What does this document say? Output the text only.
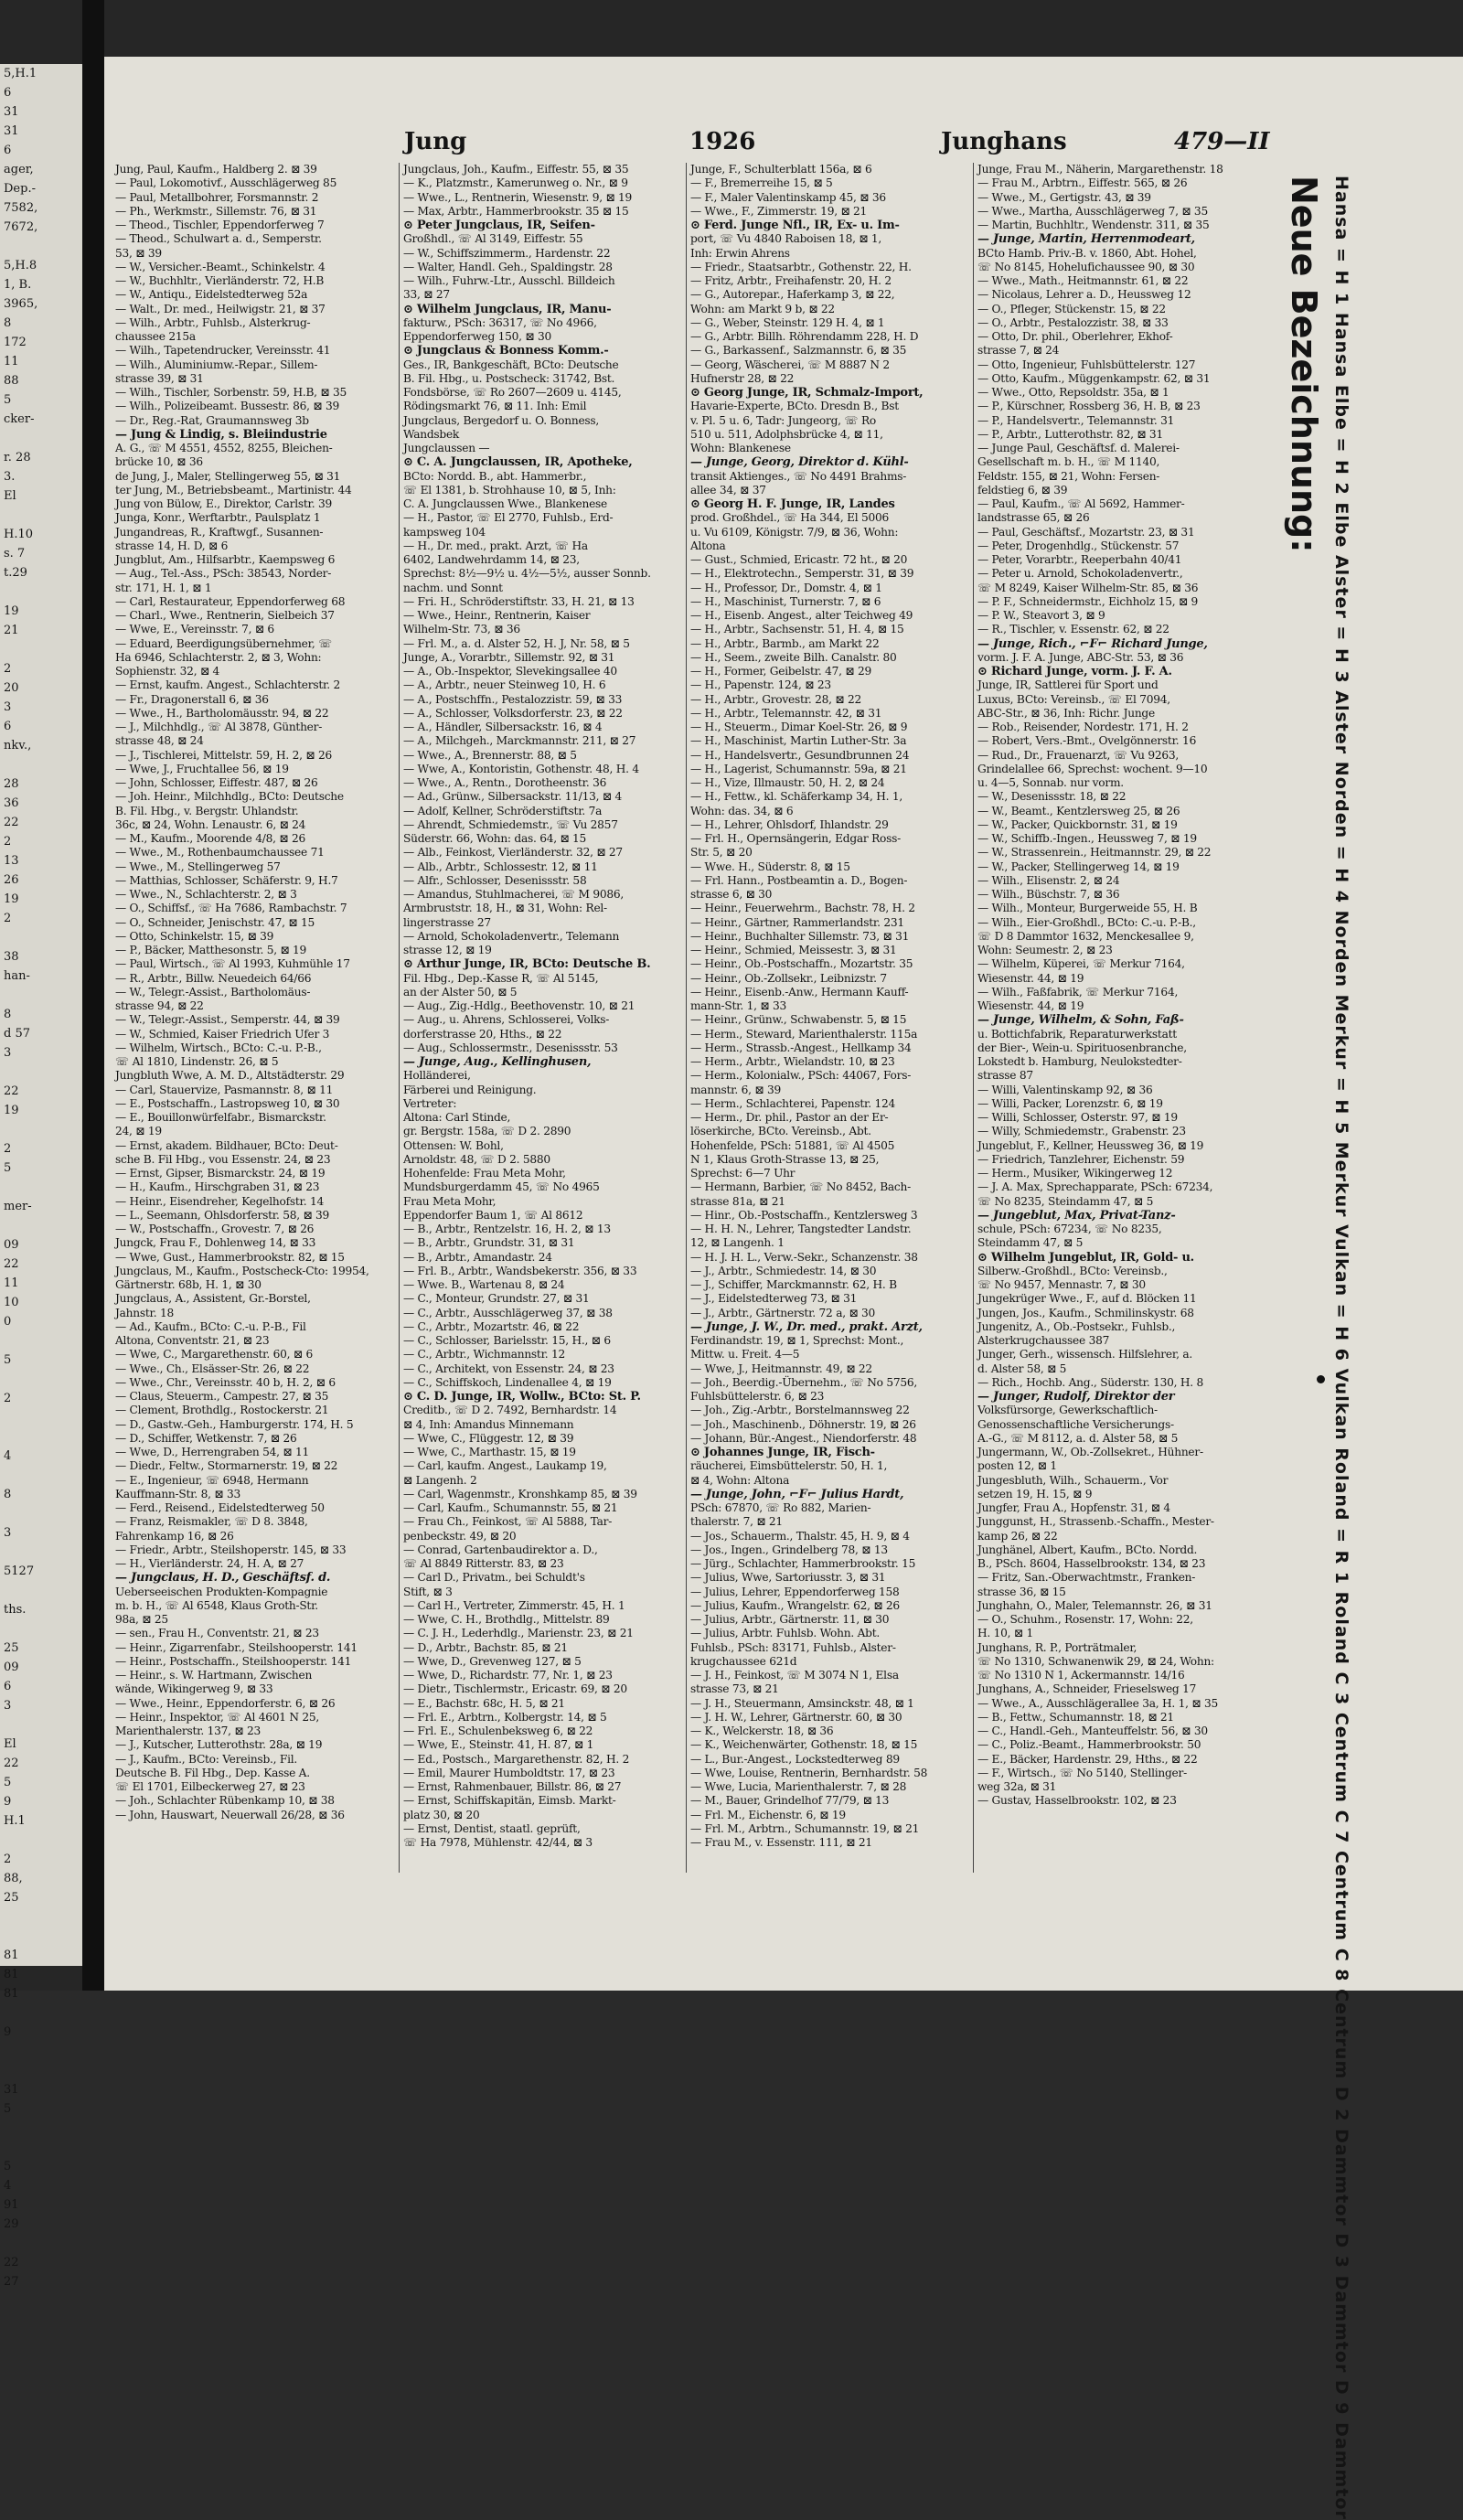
5,H.1
6
31
31
6
ager,
Dep.-
7582,
7672,

5,H.8
1, B.
3965,
8
172
11
88
5
cker-

r. 28
3.
El

H.10
s. 7
t.29

19
21

2
20
3
6
nkv.,

28
36
22
2
13
26
19
2

38
han-

8
d 57
3

22
19

2
5

mer-

09
22
11
10
0

5

2

4

8

3

5127

ths.

25
09
6
3

El
22
5
9
H.1

2
88,
25

81
81
81

9

31
5

5
4
91
29

22
27
Jung	1926	Junghans	479—II
Jung, Paul, Kaufm., Haldberg 2. ⊠ 39
— Paul, Lokomotivf., Ausschlägerweg 85
— Paul, Metallbohrer, Forsmannstr. 2
— Ph., Werkmstr., Sillemstr. 76, ⊠ 31
— Theod., Tischler, Eppendorferweg 7
— Theod., Schulwart a. d., Semperstr.
53, ⊠ 39
— W., Versicher.-Beamt., Schinkelstr. 4
— W., Buchhltr., Vierländerstr. 72, H.B
— W., Antiqu., Eidelstedterweg 52a
— Walt., Dr. med., Heilwigstr. 21, ⊠ 37
— Wilh., Arbtr., Fuhlsb., Alsterkrug-
chaussee 215a
— Wilh., Tapetendrucker, Vereinsstr. 41
— Wilh., Aluminiumw.-Repar., Sillem-
strasse 39, ⊠ 31
— Wilh., Tischler, Sorbenstr. 59, H.B, ⊠ 35
— Wilh., Polizeibeamt. Bussestr. 86, ⊠ 39
— Dr., Reg.-Rat, Graumannsweg 3b
— Jung & Lindig, s. Bleiindustrie
A. G., ☏ M 4551, 4552, 8255, Bleichen-
brücke 10, ⊠ 36
de Jung, J., Maler, Stellingerweg 55, ⊠ 31
ter Jung, M., Betriebsbeamt., Martinistr. 44
Jung von Bülow, E., Direktor, Carlstr. 39
Junga, Konr., Werftarbtr., Paulsplatz 1
Jungandreas, R., Kraftwgf., Susannen-
strasse 14, H. D, ⊠ 6
Jungblut, Am., Hilfsarbtr., Kaempsweg 6
— Aug., Tel.-Ass., PSch: 38543, Norder-
str. 171, H. 1, ⊠ 1
— Carl, Restaurateur, Eppendorferweg 68
— Charl., Wwe., Rentnerin, Sielbeich 37
— Wwe, E., Vereinsstr. 7, ⊠ 6
— Eduard, Beerdigungsübernehmer, ☏
Ha 6946, Schlachterstr. 2, ⊠ 3, Wohn:
Sophienstr. 32, ⊠ 4
— Ernst, kaufm. Angest., Schlachterstr. 2
— Fr., Dragonerstall 6, ⊠ 36
— Wwe., H., Bartholomäusstr. 94, ⊠ 22
— J., Milchhdlg., ☏ Al 3878, Günther-
strasse 48, ⊠ 24
— J., Tischlerei, Mittelstr. 59, H. 2, ⊠ 26
— Wwe, J., Fruchtallee 56, ⊠ 19
— John, Schlosser, Eiffestr. 487, ⊠ 26
— Joh. Heinr., Milchhdlg., BCto: Deutsche
B. Fil. Hbg., v. Bergstr. Uhlandstr.
36c, ⊠ 24, Wohn. Lenaustr. 6, ⊠ 24
— M., Kaufm., Moorende 4/8, ⊠ 26
— Wwe., M., Rothenbaumchaussee 71
— Wwe., M., Stellingerweg 57
— Matthias, Schlosser, Schäferstr. 9, H.7
— Wwe., N., Schlachterstr. 2, ⊠ 3
— O., Schiffsf., ☏ Ha 7686, Rambachstr. 7
— O., Schneider, Jenischstr. 47, ⊠ 15
— Otto, Schinkelstr. 15, ⊠ 39
— P., Bäcker, Matthesonstr. 5, ⊠ 19
— Paul, Wirtsch., ☏ Al 1993, Kuhmühle 17
— R., Arbtr., Billw. Neuedeich 64/66
— W., Telegr.-Assist., Bartholomäus-
strasse 94, ⊠ 22
— W., Telegr.-Assist., Semperstr. 44, ⊠ 39
— W., Schmied, Kaiser Friedrich Ufer 3
— Wilhelm, Wirtsch., BCto: C.-u. P.-B.,
☏ Al 1810, Lindenstr. 26, ⊠ 5
Jungbluth Wwe, A. M. D., Altstädterstr. 29
— Carl, Stauervize, Pasmannstr. 8, ⊠ 11
— E., Postschaffn., Lastropsweg 10, ⊠ 30
— E., Bouillonwürfelfabr., Bismarckstr.
24, ⊠ 19
— Ernst, akadem. Bildhauer, BCto: Deut-
sche B. Fil Hbg., vou Essenstr. 24, ⊠ 23
— Ernst, Gipser, Bismarckstr. 24, ⊠ 19
— H., Kaufm., Hirschgraben 31, ⊠ 23
— Heinr., Eisendreher, Kegelhofstr. 14
— L., Seemann, Ohlsdorferstr. 58, ⊠ 39
— W., Postschaffn., Grovestr. 7, ⊠ 26
Jungck, Frau F., Dohlenweg 14, ⊠ 33
— Wwe, Gust., Hammerbrookstr. 82, ⊠ 15
Jungclaus, M., Kaufm., Postscheck-Cto: 19954,
Gärtnerstr. 68b, H. 1, ⊠ 30
Jungclaus, A., Assistent, Gr.-Borstel,
Jahnstr. 18
— Ad., Kaufm., BCto: C.-u. P.-B., Fil
Altona, Conventstr. 21, ⊠ 23
— Wwe, C., Margarethenstr. 60, ⊠ 6
— Wwe., Ch., Elsässer-Str. 26, ⊠ 22
— Wwe., Chr., Vereinsstr. 40 b, H. 2, ⊠ 6
— Claus, Steuerm., Campestr. 27, ⊠ 35
— Clement, Brothdlg., Rostockerstr. 21
— D., Gastw.-Geh., Hamburgerstr. 174, H. 5
— D., Schiffer, Wetkenstr. 7, ⊠ 26
— Wwe, D., Herrengraben 54, ⊠ 11
— Diedr., Feltw., Stormarnerstr. 19, ⊠ 22
— E., Ingenieur, ☏ 6948, Hermann
Kauffmann-Str. 8, ⊠ 33
— Ferd., Reisend., Eidelstedterweg 50
— Franz, Reismakler, ☏ D 8. 3848,
Fahrenkamp 16, ⊠ 26
— Friedr., Arbtr., Steilshoperstr. 145, ⊠ 33
— H., Vierländerstr. 24, H. A, ⊠ 27
— Jungclaus, H. D., Geschäftsf. d.
Ueberseeischen Produkten-Kompagnie
m. b. H., ☏ Al 6548, Klaus Groth-Str.
98a, ⊠ 25
— sen., Frau H., Conventstr. 21, ⊠ 23
— Heinr., Zigarrenfabr., Steilshooperstr. 141
— Heinr., Postschaffn., Steilshooperstr. 141
— Heinr., s. W. Hartmann, Zwischen
wände, Wikingerweg 9, ⊠ 33
— Wwe., Heinr., Eppendorferstr. 6, ⊠ 26
— Heinr., Inspektor, ☏ Al 4601 N 25,
Marienthalerstr. 137, ⊠ 23
— J., Kutscher, Lutterothstr. 28a, ⊠ 19
— J., Kaufm., BCto: Vereinsb., Fil.
Deutsche B. Fil Hbg., Dep. Kasse A.
☏ El 1701, Eilbeckerweg 27, ⊠ 23
— Joh., Schlachter Rübenkamp 10, ⊠ 38
— John, Hauswart, Neuerwall 26/28, ⊠ 36
Jungclaus, Joh., Kaufm., Eiffestr. 55, ⊠ 35
— K., Platzmstr., Kamerunweg o. Nr., ⊠ 9
— Wwe., L., Rentnerin, Wiesenstr. 9, ⊠ 19
— Max, Arbtr., Hammerbrookstr. 35 ⊠ 15
⊙ Peter Jungclaus, IR, Seifen-
Großhdl., ☏ Al 3149, Eiffestr. 55
— W., Schiffszimmerm., Hardenstr. 22
— Walter, Handl. Geh., Spaldingstr. 28
— Wilh., Fuhrw.-Ltr., Ausschl. Billdeich
33, ⊠ 27
⊙ Wilhelm Jungclaus, IR, Manu-
fakturw., PSch: 36317, ☏ No 4966,
Eppendorferweg 150, ⊠ 30
⊙ Jungclaus & Bonness Komm.-
Ges., IR, Bankgeschäft, BCto: Deutsche
B. Fil. Hbg., u. Postscheck: 31742, Bst.
Fondsbörse, ☏ Ro 2607—2609 u. 4145,
Rödingsmarkt 76, ⊠ 11. Inh: Emil
Jungclaus, Bergedorf u. O. Bonness,
Wandsbek
Jungclaussen —
⊙ C. A. Jungclaussen, IR, Apotheke,
BCto: Nordd. B., abt. Hammerbr.,
☏ El 1381, b. Strohhause 10, ⊠ 5, Inh:
C. A. Jungclaussen Wwe., Blankenese
— H., Pastor, ☏ El 2770, Fuhlsb., Erd-
kampsweg 104
— H., Dr. med., prakt. Arzt, ☏ Ha
6402, Landwehrdamm 14, ⊠ 23,
Sprechst: 8½—9½ u. 4½—5½, ausser Sonnb.
nachm. und Sonnt
— Fri. H., Schröderstiftstr. 33, H. 21, ⊠ 13
— Wwe., Heinr., Rentnerin, Kaiser
Wilhelm-Str. 73, ⊠ 36
— Frl. M., a. d. Alster 52, H. J, Nr. 58, ⊠ 5
Junge, A., Vorarbtr., Sillemstr. 92, ⊠ 31
— A., Ob.-Inspektor, Slevekingsallee 40
— A., Arbtr., neuer Steinweg 10, H. 6
— A., Postschffn., Pestalozzistr. 59, ⊠ 33
— A., Schlosser, Volksdorferstr. 23, ⊠ 22
— A., Händler, Silbersackstr. 16, ⊠ 4
— A., Milchgeh., Marckmannstr. 211, ⊠ 27
— Wwe., A., Brennerstr. 88, ⊠ 5
— Wwe, A., Kontoristin, Gothenstr. 48, H. 4
— Wwe., A., Rentn., Dorotheenstr. 36
— Ad., Grünw., Silbersackstr. 11/13, ⊠ 4
— Adolf, Kellner, Schröderstiftstr. 7a
— Ahrendt, Schmiedemstr., ☏ Vu 2857
Süderstr. 66, Wohn: das. 64, ⊠ 15
— Alb., Feinkost, Vierländerstr. 32, ⊠ 27
— Alb., Arbtr., Schlossestr. 12, ⊠ 11
— Alfr., Schlosser, Desenissstr. 58
— Amandus, Stuhlmacherei, ☏ M 9086,
Armbruststr. 18, H., ⊠ 31, Wohn: Rel-
lingerstrasse 27
— Arnold, Schokoladenvertr., Telemann
strasse 12, ⊠ 19
⊙ Arthur Junge, IR, BCto: Deutsche B.
Fil. Hbg., Dep.-Kasse R, ☏ Al 5145,
an der Alster 50, ⊠ 5
— Aug., Zig.-Hdlg., Beethovenstr. 10, ⊠ 21
— Aug., u. Ahrens, Schlosserei, Volks-
dorferstrasse 20, Hths., ⊠ 22
— Aug., Schlossermstr., Desenissstr. 53
— Junge, Aug., Kellinghusen,
Holländerei,
Färberei und Reinigung.
Vertreter:
Altona: Carl Stinde,
gr. Bergstr. 158a, ☏ D 2. 2890
Ottensen: W. Bohl,
Arnoldstr. 48, ☏ D 2. 5880
Hohenfelde: Frau Meta Mohr,
Mundsburgerdamm 45, ☏ No 4965
Frau Meta Mohr,
Eppendorfer Baum 1, ☏ Al 8612
— B., Arbtr., Rentzelstr. 16, H. 2, ⊠ 13
— B., Arbtr., Grundstr. 31, ⊠ 31
— B., Arbtr., Amandastr. 24
— Frl. B., Arbtr., Wandsbekerstr. 356, ⊠ 33
— Wwe. B., Wartenau 8, ⊠ 24
— C., Monteur, Grundstr. 27, ⊠ 31
— C., Arbtr., Ausschlägerweg 37, ⊠ 38
— C., Arbtr., Mozartstr. 46, ⊠ 22
— C., Schlosser, Barielsstr. 15, H., ⊠ 6
— C., Arbtr., Wichmannstr. 12
— C., Architekt, von Essenstr. 24, ⊠ 23
— C., Schiffskoch, Lindenallee 4, ⊠ 19
⊙ C. D. Junge, IR, Wollw., BCto: St. P.
Creditb., ☏ D 2. 7492, Bernhardstr. 14
⊠ 4, Inh: Amandus Minnemann
— Wwe, C., Flüggestr. 12, ⊠ 39
— Wwe, C., Marthastr. 15, ⊠ 19
— Carl, kaufm. Angest., Laukamp 19,
⊠ Langenh. 2
— Carl, Wagenmstr., Kronshkamp 85, ⊠ 39
— Carl, Kaufm., Schumannstr. 55, ⊠ 21
— Frau Ch., Feinkost, ☏ Al 5888, Tar-
penbeckstr. 49, ⊠ 20
— Conrad, Gartenbaudirektor a. D.,
☏ Al 8849 Ritterstr. 83, ⊠ 23
— Carl D., Privatm., bei Schuldt's
Stift, ⊠ 3
— Carl H., Vertreter, Zimmerstr. 45, H. 1
— Wwe, C. H., Brothdlg., Mittelstr. 89
— C. J. H., Lederhdlg., Marienstr. 23, ⊠ 21
— D., Arbtr., Bachstr. 85, ⊠ 21
— Wwe, D., Grevenweg 127, ⊠ 5
— Wwe, D., Richardstr. 77, Nr. 1, ⊠ 23
— Dietr., Tischlermstr., Ericastr. 69, ⊠ 20
— E., Bachstr. 68c, H. 5, ⊠ 21
— Frl. E., Arbtrn., Kolbergstr. 14, ⊠ 5
— Frl. E., Schulenbeksweg 6, ⊠ 22
— Wwe, E., Steinstr. 41, H. 87, ⊠ 1
— Ed., Postsch., Margarethenstr. 82, H. 2
— Emil, Maurer Humboldtstr. 17, ⊠ 23
— Ernst, Rahmenbauer, Billstr. 86, ⊠ 27
— Ernst, Schiffskapitän, Eimsb. Markt-
platz 30, ⊠ 20
— Ernst, Dentist, staatl. geprüft,
☏ Ha 7978, Mühlenstr. 42/44, ⊠ 3
Junge, F., Schulterblatt 156a, ⊠ 6
— F., Bremerreihe 15, ⊠ 5
— F., Maler Valentinskamp 45, ⊠ 36
— Wwe., F., Zimmerstr. 19, ⊠ 21
⊙ Ferd. Junge Nfl., IR, Ex- u. Im-
port, ☏ Vu 4840 Raboisen 18, ⊠ 1,
Inh: Erwin Ahrens
— Friedr., Staatsarbtr., Gothenstr. 22, H.
— Fritz, Arbtr., Freihafenstr. 20, H. 2
— G., Autorepar., Haferkamp 3, ⊠ 22,
Wohn: am Markt 9 b, ⊠ 22
— G., Weber, Steinstr. 129 H. 4, ⊠ 1
— G., Arbtr. Billh. Röhrendamm 228, H. D
— G., Barkassenf., Salzmannstr. 6, ⊠ 35
— Georg, Wäscherei, ☏ M 8887 N 2
Hufnerstr 28, ⊠ 22
⊙ Georg Junge, IR, Schmalz-Import,
Havarie-Experte, BCto. Dresdn B., Bst
v. Pl. 5 u. 6, Tadr: Jungeorg, ☏ Ro
510 u. 511, Adolphsbrücke 4, ⊠ 11,
Wohn: Blankenese
— Junge, Georg, Direktor d. Kühl-
transit Aktienges., ☏ No 4491 Brahms-
allee 34, ⊠ 37
⊙ Georg H. F. Junge, IR, Landes
prod. Großhdel., ☏ Ha 344, El 5006
u. Vu 6109, Königstr. 7/9, ⊠ 36, Wohn:
Altona
— Gust., Schmied, Ericastr. 72 ht., ⊠ 20
— H., Elektrotechn., Semperstr. 31, ⊠ 39
— H., Professor, Dr., Domstr. 4, ⊠ 1
— H., Maschinist, Turnerstr. 7, ⊠ 6
— H., Eisenb. Angest., alter Teichweg 49
— H., Arbtr., Sachsenstr. 51, H. 4, ⊠ 15
— H., Arbtr., Barmb., am Markt 22
— H., Seem., zweite Bilh. Canalstr. 80
— H., Former, Geibelstr. 47, ⊠ 29
— H., Papenstr. 124, ⊠ 23
— H., Arbtr., Grovestr. 28, ⊠ 22
— H., Arbtr., Telemannstr. 42, ⊠ 31
— H., Steuerm., Dimar Koel-Str. 26, ⊠ 9
— H., Maschinist, Martin Luther-Str. 3a
— H., Handelsvertr., Gesundbrunnen 24
— H., Lagerist, Schumannstr. 59a, ⊠ 21
— H., Vize, Illmaustr. 50, H. 2, ⊠ 24
— H., Fettw., kl. Schäferkamp 34, H. 1,
Wohn: das. 34, ⊠ 6
— H., Lehrer, Ohlsdorf, Ihlandstr. 29
— Frl. H., Opernsängerin, Edgar Ross-
Str. 5, ⊠ 20
— Wwe. H., Süderstr. 8, ⊠ 15
— Frl. Hann., Postbeamtin a. D., Bogen-
strasse 6, ⊠ 30
— Heinr., Feuerwehrm., Bachstr. 78, H. 2
— Heinr., Gärtner, Rammerlandstr. 231
— Heinr., Buchhalter Sillemstr. 73, ⊠ 31
— Heinr., Schmied, Meissestr. 3, ⊠ 31
— Heinr., Ob.-Postschaffn., Mozartstr. 35
— Heinr., Ob.-Zollsekr., Leibnizstr. 7
— Heinr., Eisenb.-Anw., Hermann Kauff-
mann-Str. 1, ⊠ 33
— Heinr., Grünw., Schwabenstr. 5, ⊠ 15
— Herm., Steward, Marienthalerstr. 115a
— Herm., Strassb.-Angest., Hellkamp 34
— Herm., Arbtr., Wielandstr. 10, ⊠ 23
— Herm., Kolonialw., PSch: 44067, Fors-
mannstr. 6, ⊠ 39
— Herm., Schlachterei, Papenstr. 124
— Herm., Dr. phil., Pastor an der Er-
löserkirche, BCto. Vereinsb., Abt.
Hohenfelde, PSch: 51881, ☏ Al 4505
N 1, Klaus Groth-Strasse 13, ⊠ 25,
Sprechst: 6—7 Uhr
— Hermann, Barbier, ☏ No 8452, Bach-
strasse 81a, ⊠ 21
— Hinr., Ob.-Postschaffn., Kentzlersweg 3
— H. H. N., Lehrer, Tangstedter Landstr.
12, ⊠ Langenh. 1
— H. J. H. L., Verw.-Sekr., Schanzenstr. 38
— J., Arbtr., Schmiedestr. 14, ⊠ 30
— J., Schiffer, Marckmannstr. 62, H. B
— J., Eidelstedterweg 73, ⊠ 31
— J., Arbtr., Gärtnerstr. 72 a, ⊠ 30
— Junge, J. W., Dr. med., prakt. Arzt,
Ferdinandstr. 19, ⊠ 1, Sprechst: Mont.,
Mittw. u. Freit. 4—5
— Wwe, J., Heitmannstr. 49, ⊠ 22
— Joh., Beerdig.-Übernehm., ☏ No 5756,
Fuhlsbüttelerstr. 6, ⊠ 23
— Joh., Zig.-Arbtr., Borstelmannsweg 22
— Joh., Maschinenb., Döhnerstr. 19, ⊠ 26
— Johann, Bür.-Angest., Niendorferstr. 48
⊙ Johannes Junge, IR, Fisch-
räucherei, Eimsbüttelerstr. 50, H. 1,
⊠ 4, Wohn: Altona
— Junge, John, ⌐F⌐ Julius Hardt,
PSch: 67870, ☏ Ro 882, Marien-
thalerstr. 7, ⊠ 21
— Jos., Schauerm., Thalstr. 45, H. 9, ⊠ 4
— Jos., Ingen., Grindelberg 78, ⊠ 13
— Jürg., Schlachter, Hammerbrookstr. 15
— Julius, Wwe, Sartoriusstr. 3, ⊠ 31
— Julius, Lehrer, Eppendorferweg 158
— Julius, Kaufm., Wrangelstr. 62, ⊠ 26
— Julius, Arbtr., Gärtnerstr. 11, ⊠ 30
— Julius, Arbtr. Fuhlsb. Wohn. Abt.
Fuhlsb., PSch: 83171, Fuhlsb., Alster-
krugchaussee 621d
— J. H., Feinkost, ☏ M 3074 N 1, Elsa
strasse 73, ⊠ 21
— J. H., Steuermann, Amsinckstr. 48, ⊠ 1
— J. H. W., Lehrer, Gärtnerstr. 60, ⊠ 30
— K., Welckerstr. 18, ⊠ 36
— K., Weichenwärter, Gothenstr. 18, ⊠ 15
— L., Bur.-Angest., Lockstedterweg 89
— Wwe, Louise, Rentnerin, Bernhardstr. 58
— Wwe, Lucia, Marienthalerstr. 7, ⊠ 28
— M., Bauer, Grindelhof 77/79, ⊠ 13
— Frl. M., Eichenstr. 6, ⊠ 19
— Frl. M., Arbtrn., Schumannstr. 19, ⊠ 21
— Frau M., v. Essenstr. 111, ⊠ 21
Junge, Frau M., Näherin, Margarethenstr. 18
— Frau M., Arbtrn., Eiffestr. 565, ⊠ 26
— Wwe., M., Gertigstr. 43, ⊠ 39
— Wwe., Martha, Ausschlägerweg 7, ⊠ 35
— Martin, Buchhltr., Wendenstr. 311, ⊠ 35
— Junge, Martin, Herrenmodeart,
BCto Hamb. Priv.-B. v. 1860, Abt. Hohel,
☏ No 8145, Hohelufichaussee 90, ⊠ 30
— Wwe., Math., Heitmannstr. 61, ⊠ 22
— Nicolaus, Lehrer a. D., Heussweg 12
— O., Pfleger, Stückenstr. 15, ⊠ 22
— O., Arbtr., Pestalozzistr. 38, ⊠ 33
— Otto, Dr. phil., Oberlehrer, Ekhof-
strasse 7, ⊠ 24
— Otto, Ingenieur, Fuhlsbüttelerstr. 127
— Otto, Kaufm., Müggenkampstr. 62, ⊠ 31
— Wwe., Otto, Repsoldstr. 35a, ⊠ 1
— P., Kürschner, Rossberg 36, H. B, ⊠ 23
— P., Handelsvertr., Telemannstr. 31
— P., Arbtr., Lutterothstr. 82, ⊠ 31
— Junge Paul, Geschäftsf. d. Malerei-
Gesellschaft m. b. H., ☏ M 1140,
Feldstr. 155, ⊠ 21, Wohn: Fersen-
feldstieg 6, ⊠ 39
— Paul, Kaufm., ☏ Al 5692, Hammer-
landstrasse 65, ⊠ 26
— Paul, Geschäftsf., Mozartstr. 23, ⊠ 31
— Peter, Drogenhdlg., Stückenstr. 57
— Peter, Vorarbtr., Reeperbahn 40/41
— Peter u. Arnold, Schokoladenvertr.,
☏ M 8249, Kaiser Wilhelm-Str. 85, ⊠ 36
— P. F., Schneidermstr., Eichholz 15, ⊠ 9
— P. W., Steavort 3, ⊠ 9
— R., Tischler, v. Essenstr. 62, ⊠ 22
— Junge, Rich., ⌐F⌐ Richard Junge,
vorm. J. F. A. Junge, ABC-Str. 53, ⊠ 36
⊙ Richard Junge, vorm. J. F. A.
Junge, IR, Sattlerei für Sport und
Luxus, BCto: Vereinsb., ☏ El 7094,
ABC-Str., ⊠ 36, Inh: Richr. Junge
— Rob., Reisender, Nordestr. 171, H. 2
— Robert, Vers.-Bmt., Ovelgönnerstr. 16
— Rud., Dr., Frauenarzt, ☏ Vu 9263,
Grindelallee 66, Sprechst: wochent. 9—10
u. 4—5, Sonnab. nur vorm.
— W., Desenissstr. 18, ⊠ 22
— W., Beamt., Kentzlersweg 25, ⊠ 26
— W., Packer, Quickbornstr. 31, ⊠ 19
— W., Schiffb.-Ingen., Heussweg 7, ⊠ 19
— W., Strassenrein., Heitmannstr. 29, ⊠ 22
— W., Packer, Stellingerweg 14, ⊠ 19
— Wilh., Elisenstr. 2, ⊠ 24
— Wilh., Büschstr. 7, ⊠ 36
— Wilh., Monteur, Burgerweide 55, H. B
— Wilh., Eier-Großhdl., BCto: C.-u. P.-B.,
☏ D 8 Dammtor 1632, Menckesallee 9,
Wohn: Seumestr. 2, ⊠ 23
— Wilhelm, Küperei, ☏ Merkur 7164,
Wiesenstr. 44, ⊠ 19
— Wilh., Faßfabrik, ☏ Merkur 7164,
Wiesenstr. 44, ⊠ 19
— Junge, Wilhelm, & Sohn, Faß-
u. Bottichfabrik, Reparaturwerkstatt
der Bier-, Wein-u. Spirituosenbranche,
Lokstedt b. Hamburg, Neulokstedter-
strasse 87
— Willi, Valentinskamp 92, ⊠ 36
— Willi, Packer, Lorenzstr. 6, ⊠ 19
— Willi, Schlosser, Osterstr. 97, ⊠ 19
— Willy, Schmiedemstr., Grabenstr. 23
Jungeblut, F., Kellner, Heussweg 36, ⊠ 19
— Friedrich, Tanzlehrer, Eichenstr. 59
— Herm., Musiker, Wikingerweg 12
— J. A. Max, Sprechapparate, PSch: 67234,
☏ No 8235, Steindamm 47, ⊠ 5
— Jungeblut, Max, Privat-Tanz-
schule, PSch: 67234, ☏ No 8235,
Steindamm 47, ⊠ 5
⊙ Wilhelm Jungeblut, IR, Gold- u.
Silberw.-Großhdl., BCto: Vereinsb.,
☏ No 9457, Mennastr. 7, ⊠ 30
Jungekrüger Wwe., F., auf d. Blöcken 11
Jungen, Jos., Kaufm., Schmilinskystr. 68
Jungenitz, A., Ob.-Postsekr., Fuhlsb.,
Alsterkrugchaussee 387
Junger, Gerh., wissensch. Hilfslehrer, a.
d. Alster 58, ⊠ 5
— Rich., Hochb. Ang., Süderstr. 130, H. 8
— Junger, Rudolf, Direktor der
Volksfürsorge, Gewerkschaftlich-
Genossenschaftliche Versicherungs-
A.-G., ☏ M 8112, a. d. Alster 58, ⊠ 5
Jungermann, W., Ob.-Zollsekret., Hühner-
posten 12, ⊠ 1
Jungesbluth, Wilh., Schauerm., Vor
setzen 19, H. 15, ⊠ 9
Jungfer, Frau A., Hopfenstr. 31, ⊠ 4
Junggunst, H., Strassenb.-Schaffn., Mester-
kamp 26, ⊠ 22
Junghänel, Albert, Kaufm., BCto. Nordd.
B., PSch. 8604, Hasselbrookstr. 134, ⊠ 23
— Fritz, San.-Oberwachtmstr., Franken-
strasse 36, ⊠ 15
Junghahn, O., Maler, Telemannstr. 26, ⊠ 31
— O., Schuhm., Rosenstr. 17, Wohn: 22,
H. 10, ⊠ 1
Junghans, R. P., Porträtmaler,
☏ No 1310, Schwanenwik 29, ⊠ 24, Wohn:
☏ No 1310 N 1, Ackermannstr. 14/16
Junghans, A., Schneider, Frieselsweg 17
— Wwe., A., Ausschlägerallee 3a, H. 1, ⊠ 35
— B., Fettw., Schumannstr. 18, ⊠ 21
— C., Handl.-Geh., Manteuffelstr. 56, ⊠ 30
— C., Poliz.-Beamt., Hammerbrookstr. 50
— E., Bäcker, Hardenstr. 29, Hths., ⊠ 22
— F., Wirtsch., ☏ No 5140, Stellinger-
weg 32a, ⊠ 31
— Gustav, Hasselbrookstr. 102, ⊠ 23
Neue Bezeichnung: Hansa = H 1 Hansa Elbe = H 2 Elbe Alster = H 3 Alster Norden = H 4 Norden Merkur = H 5 Merkur Vulkan = H 6 Vulkan Roland = R 1 Roland C 3 Centrum C 7 Centrum C 8 Centrum D 2 Dammtor D 3 Dammtor D 9 Dammtor
